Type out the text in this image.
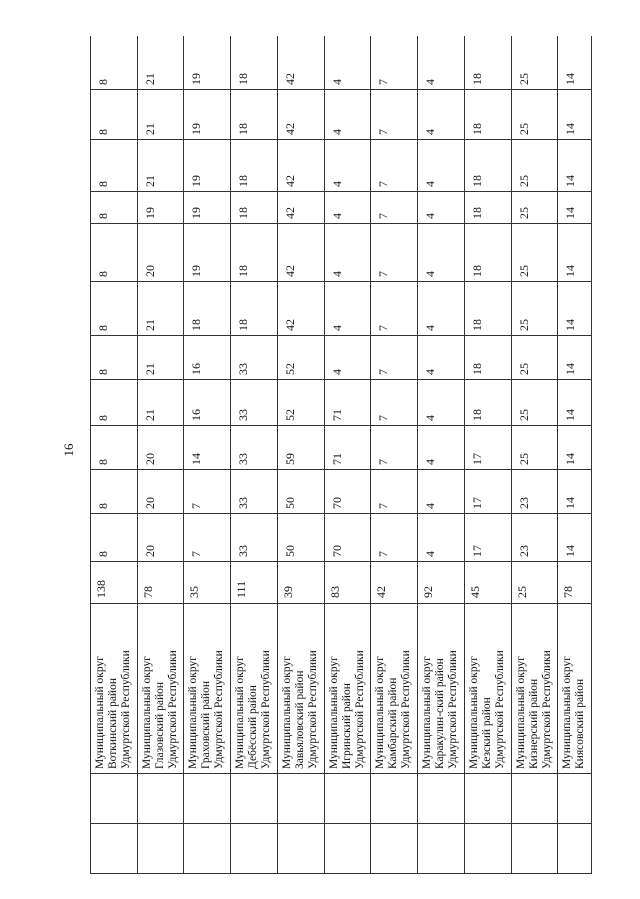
16

		Муниципальный округ Воткинский район Удмуртской Республики	138	8	8	8	8	8	8	8	8	8	8	8

		Муниципальный округ Глазовский район Удмуртской Республики	78	20	20	20	21	21	21	20	19	21	21	21

		Муниципальный округ Граховский район Удмуртской Республики	35	7	7	14	16	16	18	19	19	19	19	19

		Муниципальный округ Дебёсский район Удмуртской Республики	111	33	33	33	33	33	18	18	18	18	18	18

		Муниципальный округ Завьяловский район Удмуртской Республики	39	50	50	59	52	52	42	42	42	42	42	42

		Муниципальный округ Игринский район Удмуртской Республики	83	70	70	71	71	4	4	4	4	4	4	4

		Муниципальный округ Камбарский район Удмуртской Республики	42	7	7	7	7	7	7	7	7	7	7	7

		Муниципальный округ Каракулин-ский район Удмуртской Республики	92	4	4	4	4	4	4	4	4	4	4	4

		Муниципальный округ Кезский район Удмуртской Республики	45	17	17	17	18	18	18	18	18	18	18	18

		Муниципальный округ Кизнерский район Удмуртской Республики	25	23	23	25	25	25	25	25	25	25	25	25

		Муниципальный округ Киясовский район	78	14	14	14	14	14	14	14	14	14	14	14
